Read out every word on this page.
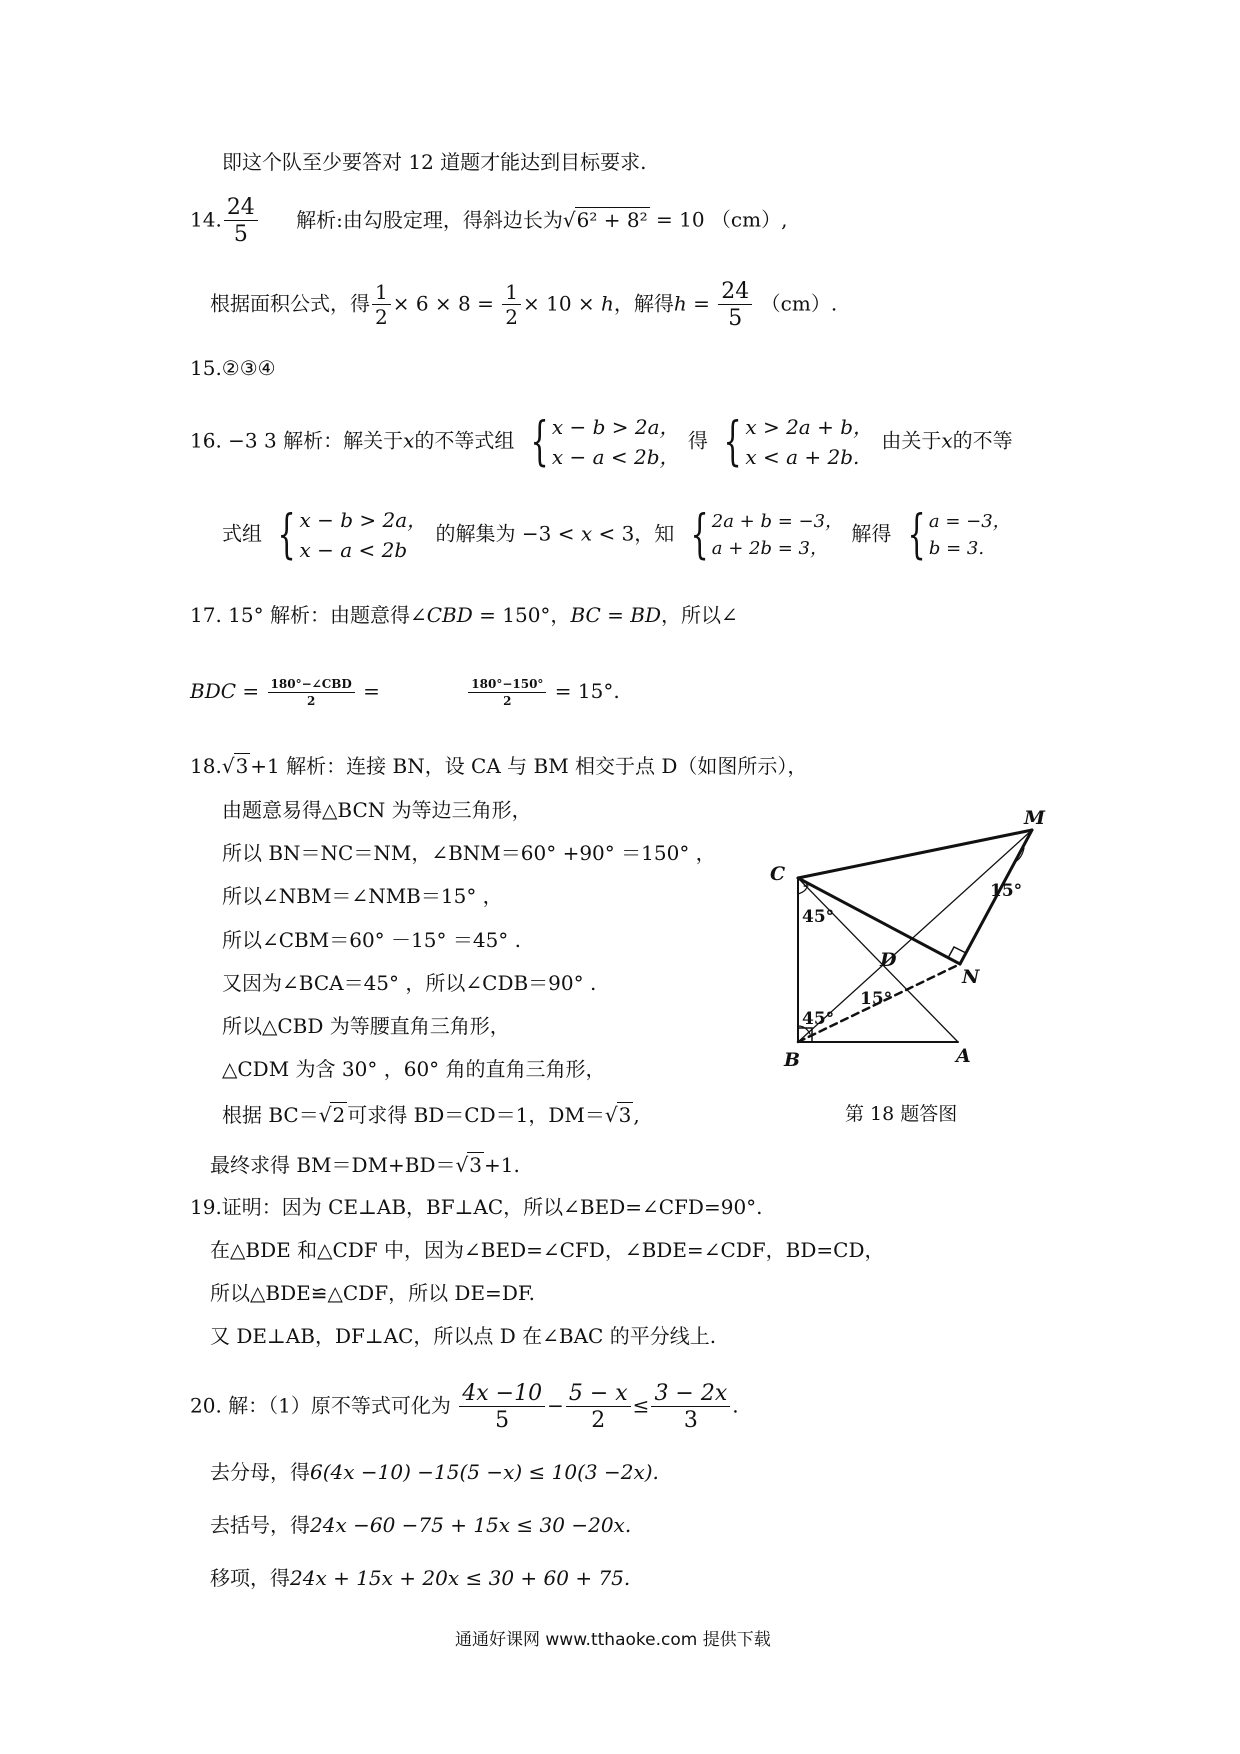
即这个队至少要答对 12 道题才能达到目标要求.
14. $\frac{24}{5}$ 解析:由勾股定理，得斜边长为√6² + 8² = 10 （cm）,
根据面积公式，得 $\frac{1}{2} \times 6 \times 8 = \frac{1}{2} \times 10 \times h$，解得$h = \frac{24}{5} (cm)$.
15.②③④
16. −3 3 解析：解关于x的不等式组 { x − b > 2a，
x − a < 2b，
得 { x > 2a + b，
x < a + 2b.
由关于x的不等
式组 { x − b > 2a，
x − a < 2b
的解集为 −3 < x < 3，知 { 2a + b = −3，
a + 2b = 3，
解得 { a = −3，
b = 3.
17. 15° 解析：由题意得∠CBD = 150°，BC = BD，所以∠
BDC = $\frac{\text{180°−∠CBD}}{2}$ =	$\frac{180^\circ-150^\circ}{2} = 15^\circ$.
18.√3 +1 解析：连接 BN，设 CA 与 BM 相交于点 D（如图所示），
由题意易得△BCN 为等边三角形，
所以 BN＝NC＝NM，∠BNM＝60° +90° ＝150° ，
所以∠NBM＝∠NMB＝15° ，
所以∠CBM＝60° －15° ＝45° .
又因为∠BCA＝45° ，所以∠CDB＝90° .
所以△CBD 为等腰直角三角形，
△CDM 为含 30° ，60° 角的直角三角形，
根据 BC＝√2 可求得 BD＝CD＝1，DM＝√3 ,
最终求得 BM＝DM+BD＝√3 +1.
M
C
D
N
B	A
15°
45°
45°
15°
第 18 题答图
19.证明：因为 CE⊥AB，BF⊥AC，所以∠BED=∠CFD=90°.
在△BDE 和△CDF 中，因为∠BED=∠CFD，∠BDE=∠CDF，BD=CD，
所以△BDE≌△CDF，所以 DE=DF.
又 DE⊥AB，DF⊥AC，所以点 D 在∠BAC 的平分线上.
20. 解：（1）原不等式可化为 $\frac{4x -10}{5} - \frac{5 - x}{2} \le \frac{3 - 2x}{3}$ .
去分母，得6(4x −10) −15(5 −x) ≤ 10(3 −2x).
去括号，得24x −60 −75 + 15x ≤ 30 −20x.
移项，得24x + 15x + 20x ≤ 30 + 60 + 75.
通通好课网 www.tthaoke.com 提供下载
